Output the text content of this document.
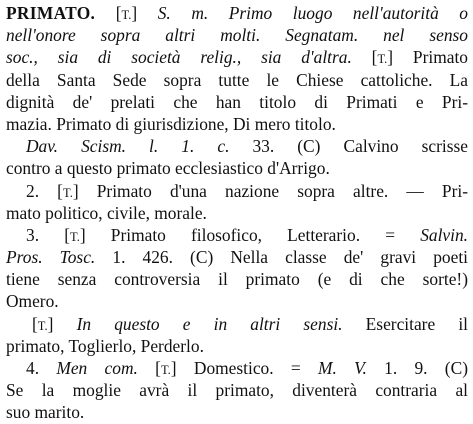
PRIMATO. [T.] S. m. Primo luogo nell'autorità o
nell'onore sopra altri molti. Segnatam. nel senso
soc., sia di società relig., sia d'altra. [T.] Primato
della Santa Sede sopra tutte le Chiese cattoliche. La
dignità de' prelati che han titolo di Primati e Pri-
mazia. Primato di giurisdizione, Di mero titolo.
Dav. Scism. l. 1. c. 33. (C) Calvino scrisse
contro a questo primato ecclesiastico d'Arrigo.
2. [T.] Primato d'una nazione sopra altre. — Pri-
mato politico, civile, morale.
3. [T.] Primato filosofico, Letterario. = Salvin.
Pros. Tosc. 1. 426. (C) Nella classe de' gravi poeti
tiene senza controversia il primato (e di che sorte!)
Omero.
[T.] In questo e in altri sensi. Esercitare il
primato, Toglierlo, Perderlo.
4. Men com. [T.] Domestico. = M. V. 1. 9. (C)
Se la moglie avrà il primato, diventerà contraria al
suo marito.
